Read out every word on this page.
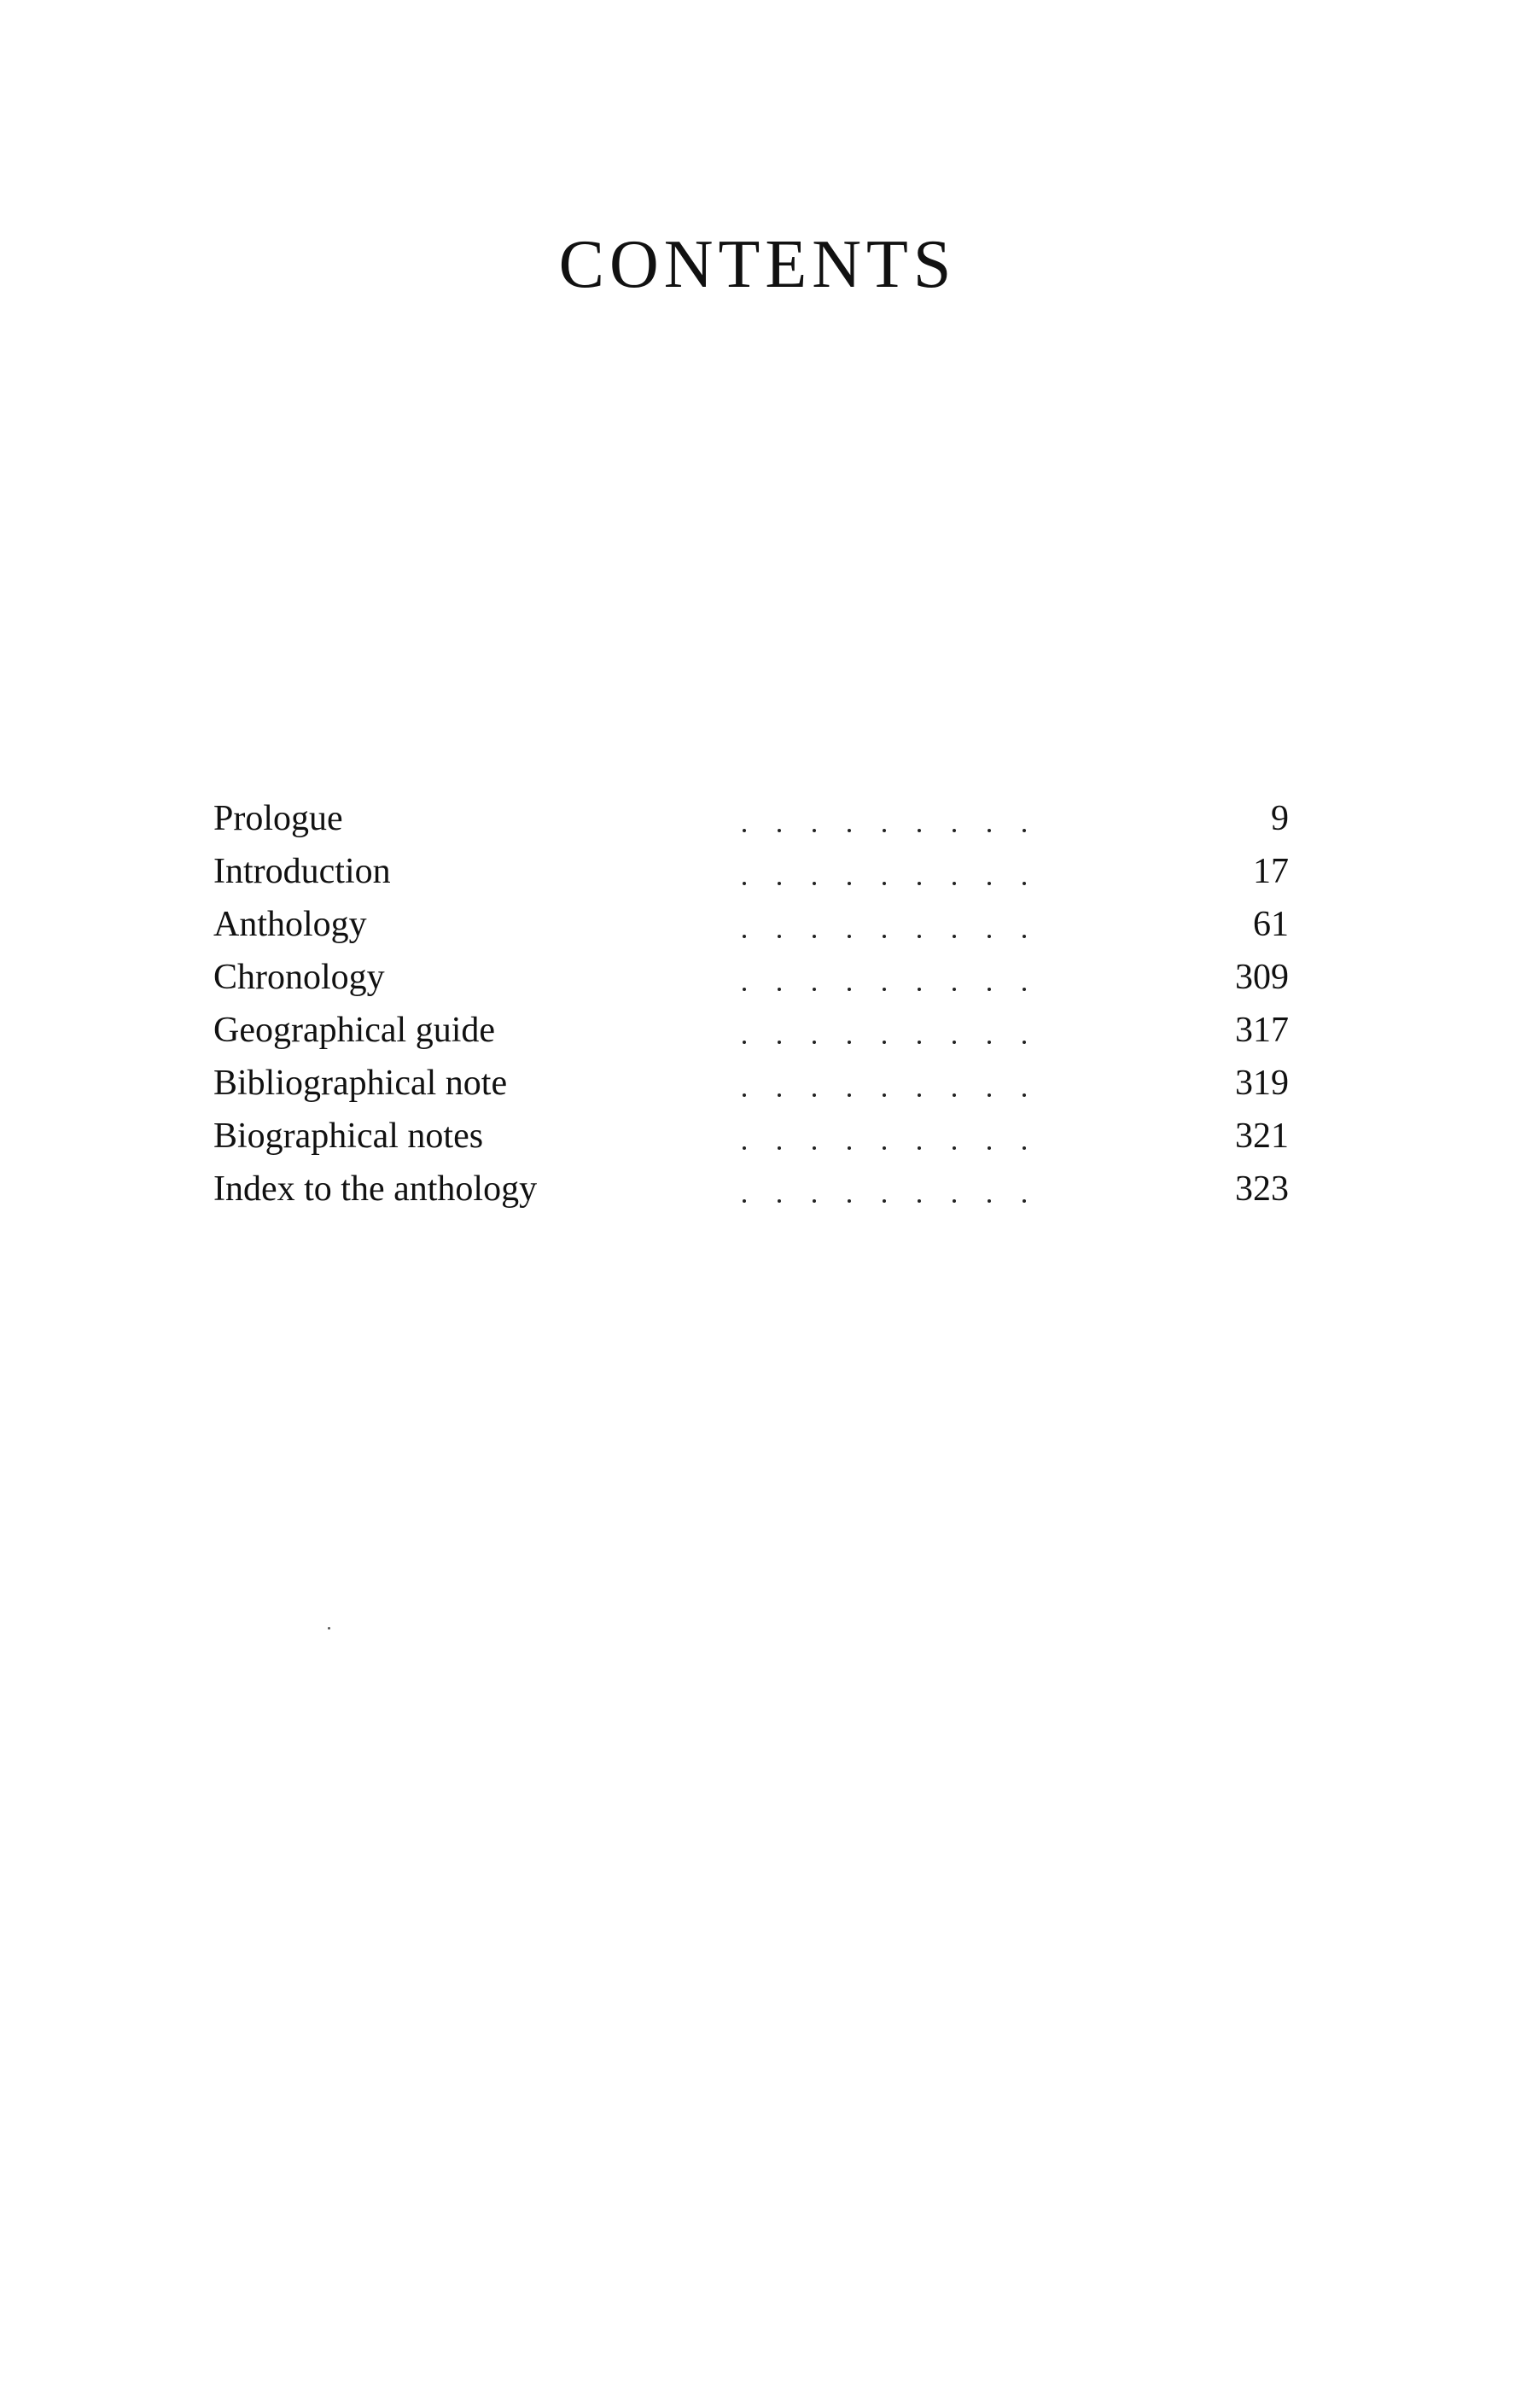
CONTENTS
Prologue	9
Introduction	17
Anthology	61
Chronology	309
Geographical guide	317
Bibliographical note	319
Biographical notes	321
Index to the anthology	323
